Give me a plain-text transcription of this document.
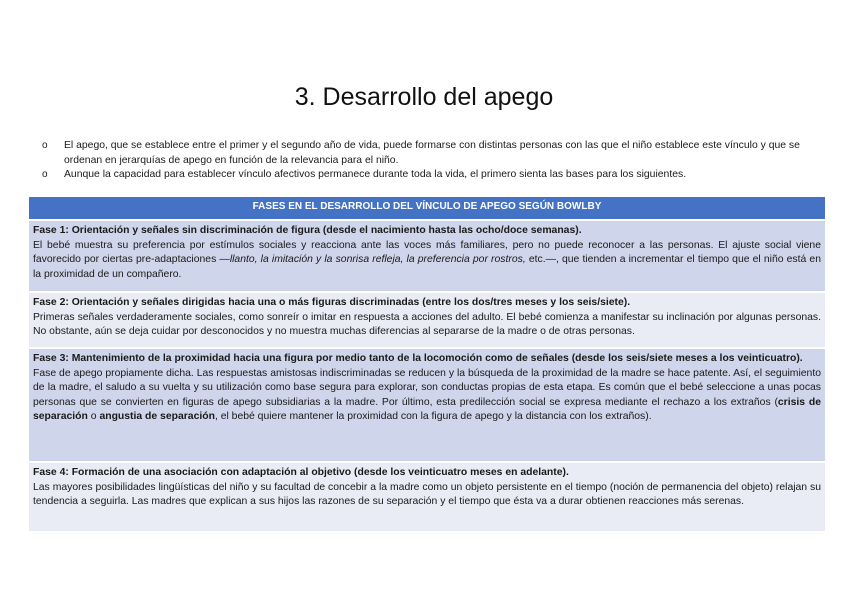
3. Desarrollo del apego
o El apego, que se establece entre el primer y el segundo año de vida, puede formarse con distintas personas con las que el niño establece este vínculo y que se ordenan en jerarquías de apego en función de la relevancia para el niño.
o Aunque la capacidad para establecer vínculo afectivos permanece durante toda la vida, el primero sienta las bases para los siguientes.
FASES EN EL DESARROLLO DEL VÍNCULO DE APEGO SEGÚN BOWLBY
Fase 1: Orientación y señales sin discriminación de figura (desde el nacimiento hasta las ocho/doce semanas).
El bebé muestra su preferencia por estímulos sociales y reacciona ante las voces más familiares, pero no puede reconocer a las personas. El ajuste social viene favorecido por ciertas pre-adaptaciones —llanto, la imitación y la sonrisa refleja, la preferencia por rostros, etc.—, que tienden a incrementar el tiempo que el niño está en la proximidad de un compañero.
Fase 2: Orientación y señales dirigidas hacia una o más figuras discriminadas (entre los dos/tres meses y los seis/siete).
Primeras señales verdaderamente sociales, como sonreír o imitar en respuesta a acciones del adulto. El bebé comienza a manifestar su inclinación por algunas personas. No obstante, aún se deja cuidar por desconocidos y no muestra muchas diferencias al separarse de la madre o de otras personas.
Fase 3: Mantenimiento de la proximidad hacia una figura por medio tanto de la locomoción como de señales (desde los seis/siete meses a los veinticuatro).
Fase de apego propiamente dicha. Las respuestas amistosas indiscriminadas se reducen y la búsqueda de la proximidad de la madre se hace patente. Así, el seguimiento de la madre, el saludo a su vuelta y su utilización como base segura para explorar, son conductas propias de esta etapa. Es común que el bebé seleccione a unas pocas personas que se convierten en figuras de apego subsidiarias a la madre. Por último, esta predilección social se expresa mediante el rechazo a los extraños (crisis de separación o angustia de separación, el bebé quiere mantener la proximidad con la figura de apego y la distancia con los extraños).
Fase 4: Formación de una asociación con adaptación al objetivo (desde los veinticuatro meses en adelante).
Las mayores posibilidades lingüísticas del niño y su facultad de concebir a la madre como un objeto persistente en el tiempo (noción de permanencia del objeto) relajan su tendencia a seguirla. Las madres que explican a sus hijos las razones de su separación y el tiempo que ésta va a durar obtienen reacciones más serenas.
